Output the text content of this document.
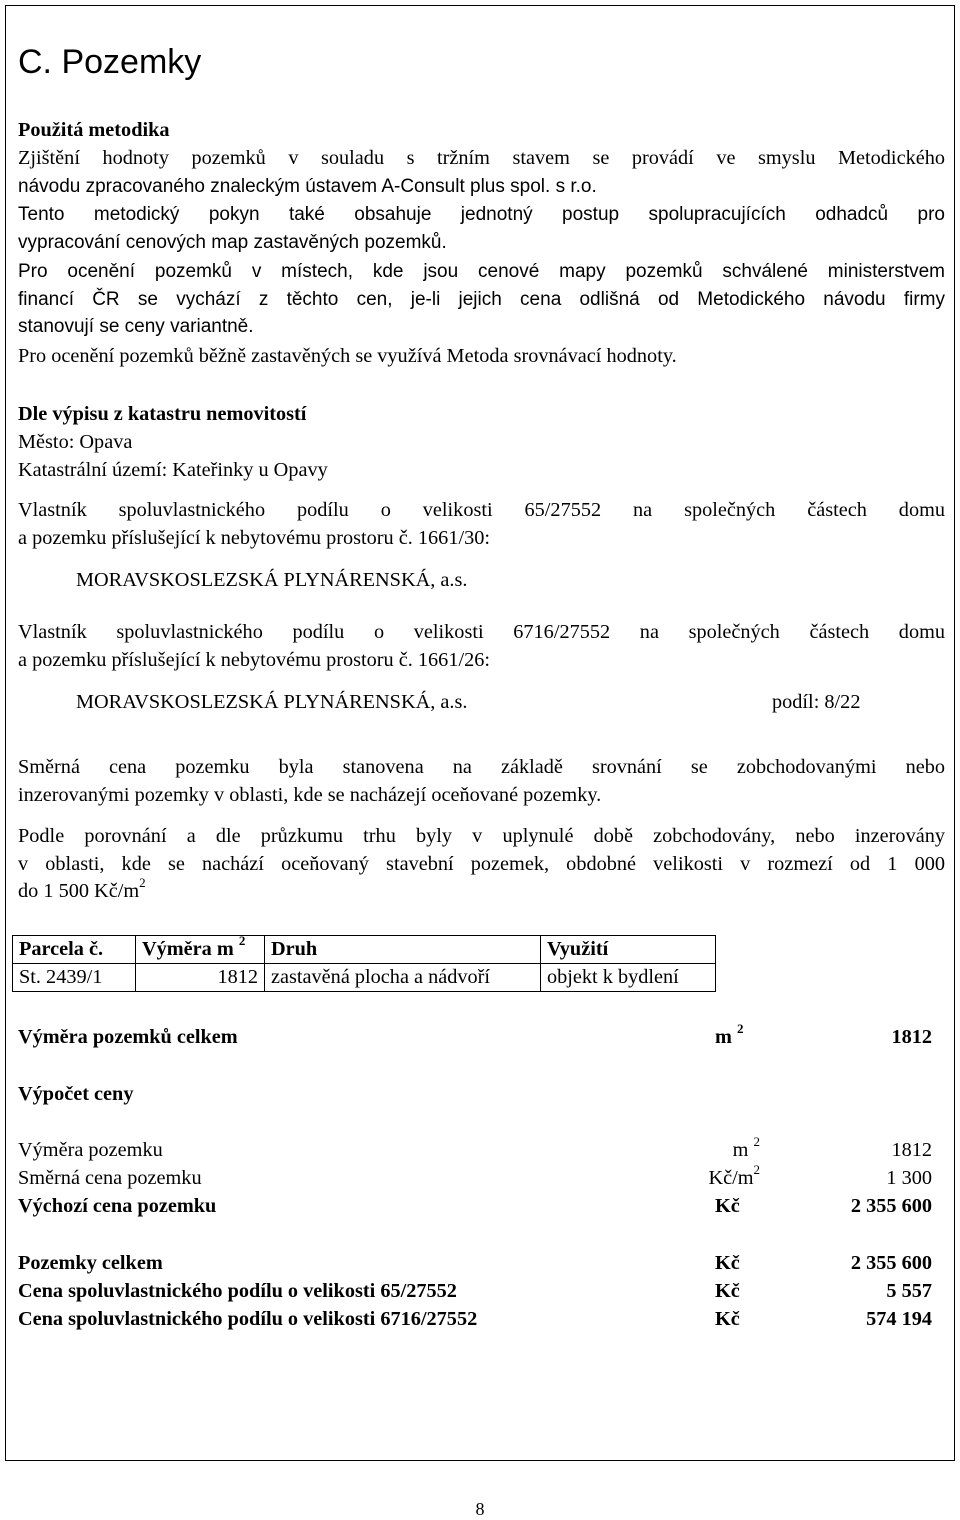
C. Pozemky
Použitá metodika
Zjištění hodnoty pozemků v souladu s tržním stavem se provádí ve smyslu Metodického
návodu zpracovaného znaleckým ústavem A-Consult plus spol. s r.o.
Tento metodický pokyn také obsahuje jednotný postup spolupracujících odhadců pro
vypracování cenových map zastavěných pozemků.
Pro ocenění pozemků v místech, kde jsou cenové mapy pozemků schválené ministerstvem
financí ČR se vychází z těchto cen, je-li jejich cena odlišná od Metodického návodu firmy
stanovují se ceny variantně.
Pro ocenění pozemků běžně zastavěných se využívá Metoda srovnávací hodnoty.
Dle výpisu z katastru nemovitostí
Město: Opava
Katastrální území: Kateřinky u Opavy
Vlastník spoluvlastnického podílu o velikosti 65/27552 na společných částech domu
a pozemku příslušející k nebytovému prostoru č. 1661/30:
MORAVSKOSLEZSKÁ PLYNÁRENSKÁ, a.s.
Vlastník spoluvlastnického podílu o velikosti 6716/27552 na společných částech domu
a pozemku příslušející k nebytovému prostoru č. 1661/26:
MORAVSKOSLEZSKÁ PLYNÁRENSKÁ, a.s.	podíl: 8/22
Směrná cena pozemku byla stanovena na základě srovnání se zobchodovanými nebo
inzerovanými pozemky v oblasti, kde se nacházejí oceňované pozemky.
Podle porovnání a dle průzkumu trhu byly v uplynulé době zobchodovány, nebo inzerovány
v oblasti, kde se nachází oceňovaný stavební pozemek, obdobné velikosti v rozmezí od 1 000
do 1 500 $Kč/m^2$
Parcela č.	Výměra m $^2$	Druh	Využití
St. 2439/1	1812	zastavěná plocha a nádvoří	objekt k bydlení
Výměra pozemků celkem	m $^2$	1812
Výpočet ceny
Výměra pozemku	m $^2$	1812
Směrná cena pozemku	$Kč/m^2$	1 300
Výchozí cena pozemku	Kč	2 355 600
Pozemky celkem	Kč	2 355 600
Cena spoluvlastnického podílu o velikosti 65/27552	Kč	5 557
Cena spoluvlastnického podílu o velikosti 6716/27552	Kč	574 194
8
